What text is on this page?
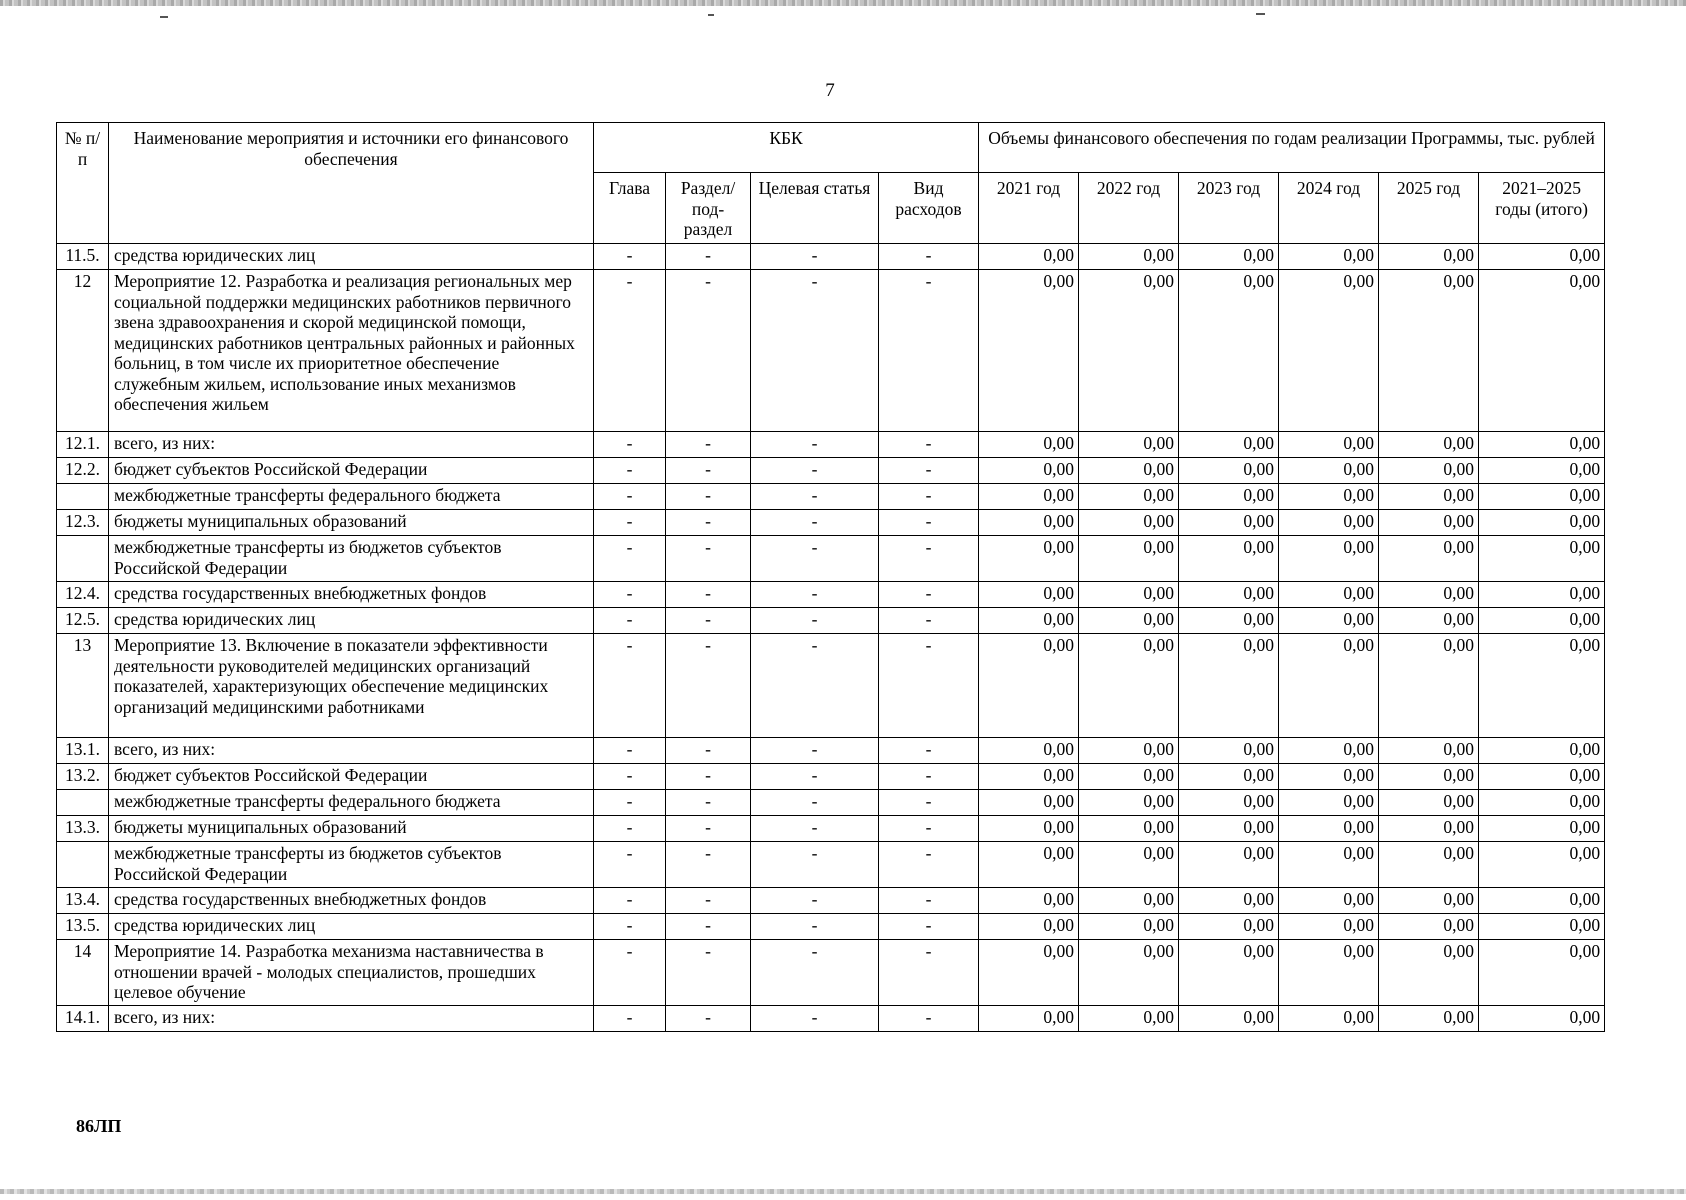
7
№ п/п	Наименование мероприятия и источники его финансового обеспечения	КБК				Объемы финансового обеспечения по годам реализации Программы, тыс. рублей					
		Глава	Раздел/ под- раздел	Целевая статья	Вид расходов	2021 год	2022 год	2023 год	2024 год	2025 год	2021–2025 годы (итого)
11.5.	средства юридических лиц	-	-	-	-	0,00	0,00	0,00	0,00	0,00	0,00
12	Мероприятие 12. Разработка и реализация региональных мер социальной поддержки медицинских работников первичного звена здравоохранения и скорой медицинской помощи, медицинских работников центральных районных и районных больниц, в том числе их приоритетное обеспечение служебным жильем, использование иных механизмов обеспечения жильем	-	-	-	-	0,00	0,00	0,00	0,00	0,00	0,00
12.1.	всего, из них:	-	-	-	-	0,00	0,00	0,00	0,00	0,00	0,00
12.2.	бюджет субъектов Российской Федерации	-	-	-	-	0,00	0,00	0,00	0,00	0,00	0,00
	межбюджетные трансферты федерального бюджета	-	-	-	-	0,00	0,00	0,00	0,00	0,00	0,00
12.3.	бюджеты муниципальных образований	-	-	-	-	0,00	0,00	0,00	0,00	0,00	0,00
	межбюджетные трансферты из бюджетов субъектов Российской Федерации	-	-	-	-	0,00	0,00	0,00	0,00	0,00	0,00
12.4.	средства государственных внебюджетных фондов	-	-	-	-	0,00	0,00	0,00	0,00	0,00	0,00
12.5.	средства юридических лиц	-	-	-	-	0,00	0,00	0,00	0,00	0,00	0,00
13	Мероприятие 13. Включение в показатели эффективности деятельности руководителей медицинских организаций показателей, характеризующих обеспечение медицинских организаций медицинскими работниками	-	-	-	-	0,00	0,00	0,00	0,00	0,00	0,00
13.1.	всего, из них:	-	-	-	-	0,00	0,00	0,00	0,00	0,00	0,00
13.2.	бюджет субъектов Российской Федерации	-	-	-	-	0,00	0,00	0,00	0,00	0,00	0,00
	межбюджетные трансферты федерального бюджета	-	-	-	-	0,00	0,00	0,00	0,00	0,00	0,00
13.3.	бюджеты муниципальных образований	-	-	-	-	0,00	0,00	0,00	0,00	0,00	0,00
	межбюджетные трансферты из бюджетов субъектов Российской Федерации	-	-	-	-	0,00	0,00	0,00	0,00	0,00	0,00
13.4.	средства государственных внебюджетных фондов	-	-	-	-	0,00	0,00	0,00	0,00	0,00	0,00
13.5.	средства юридических лиц	-	-	-	-	0,00	0,00	0,00	0,00	0,00	0,00
14	Мероприятие 14. Разработка механизма наставничества в отношении врачей - молодых специалистов, прошедших целевое обучение	-	-	-	-	0,00	0,00	0,00	0,00	0,00	0,00
14.1.	всего, из них:	-	-	-	-	0,00	0,00	0,00	0,00	0,00	0,00
86ЛП
